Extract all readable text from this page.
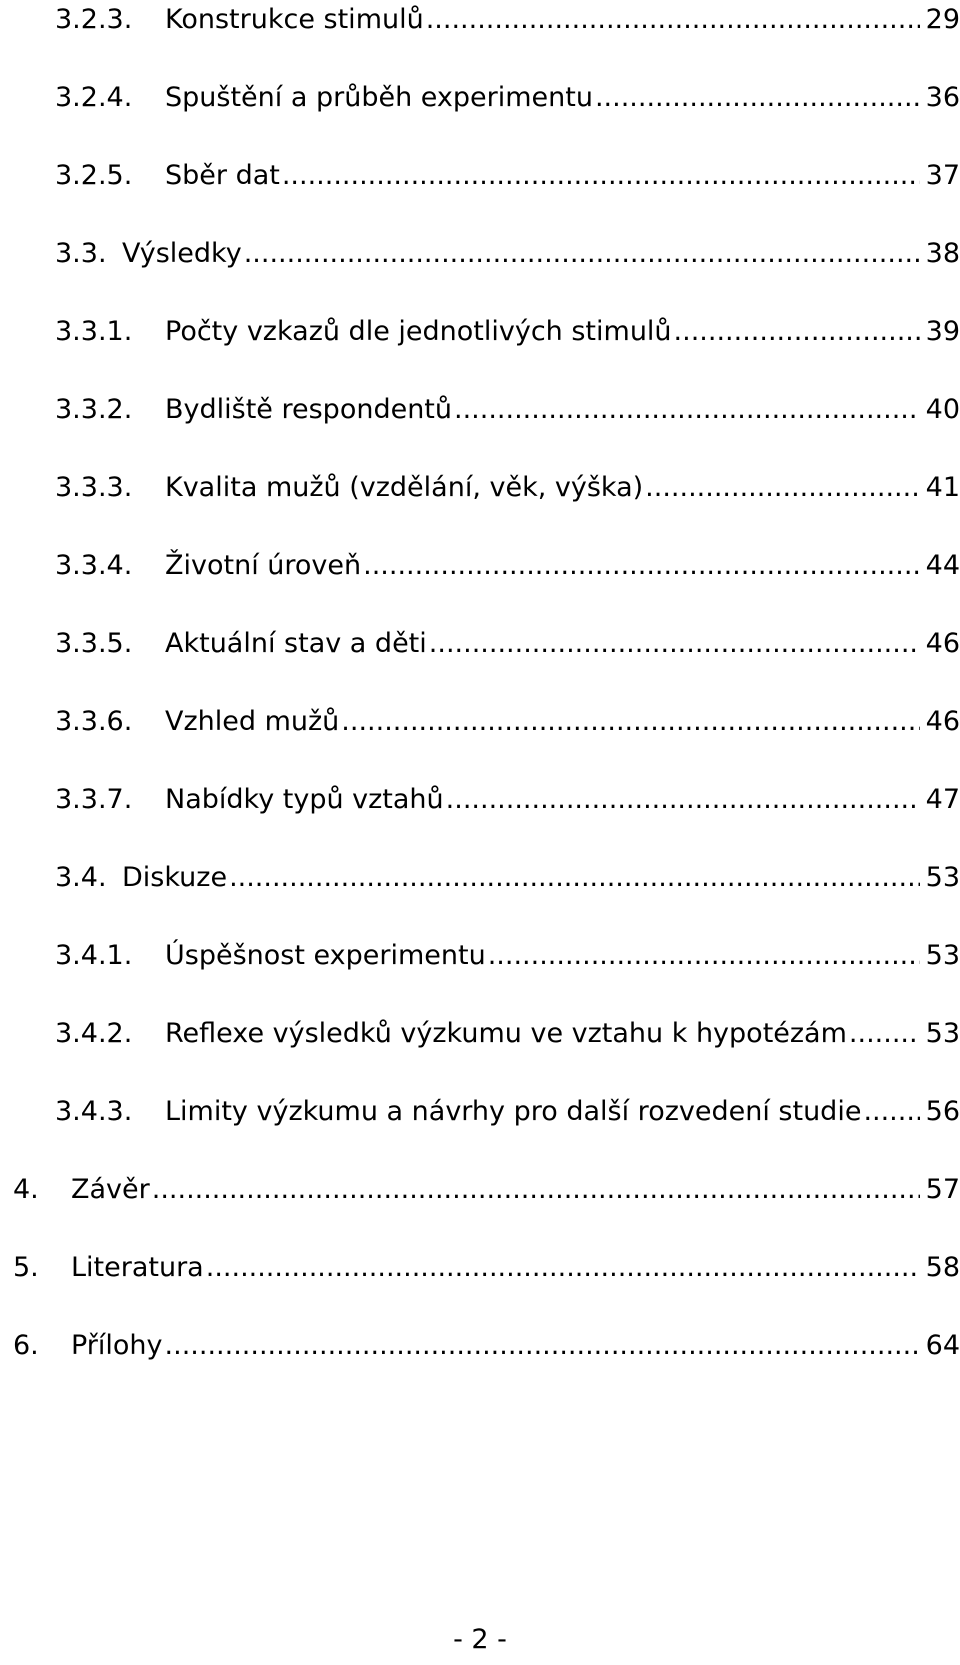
3.2.3.	Konstrukce stimulů .....	29
3.2.4.	Spuštění a průběh experimentu .....	36
3.2.5.	Sběr dat .....	37
3.3. Výsledky .....	38
3.3.1.	Počty vzkazů dle jednotlivých stimulů .....	39
3.3.2.	Bydliště respondentů .....	40
3.3.3.	Kvalita mužů (vzdělání, věk, výška) .....	41
3.3.4.	Životní úroveň .....	44
3.3.5.	Aktuální stav a děti .....	46
3.3.6.	Vzhled mužů .....	46
3.3.7.	Nabídky typů vztahů .....	47
3.4. Diskuze .....	53
3.4.1.	Úspěšnost experimentu .....	53
3.4.2.	Reflexe výsledků výzkumu ve vztahu k hypotézám .....	53
3.4.3.	Limity výzkumu a návrhy pro další rozvedení studie ..... 56
4.	Závěr .....	57
5.	Literatura .....	58
6.	Přílohy .....	64
- 2 -
